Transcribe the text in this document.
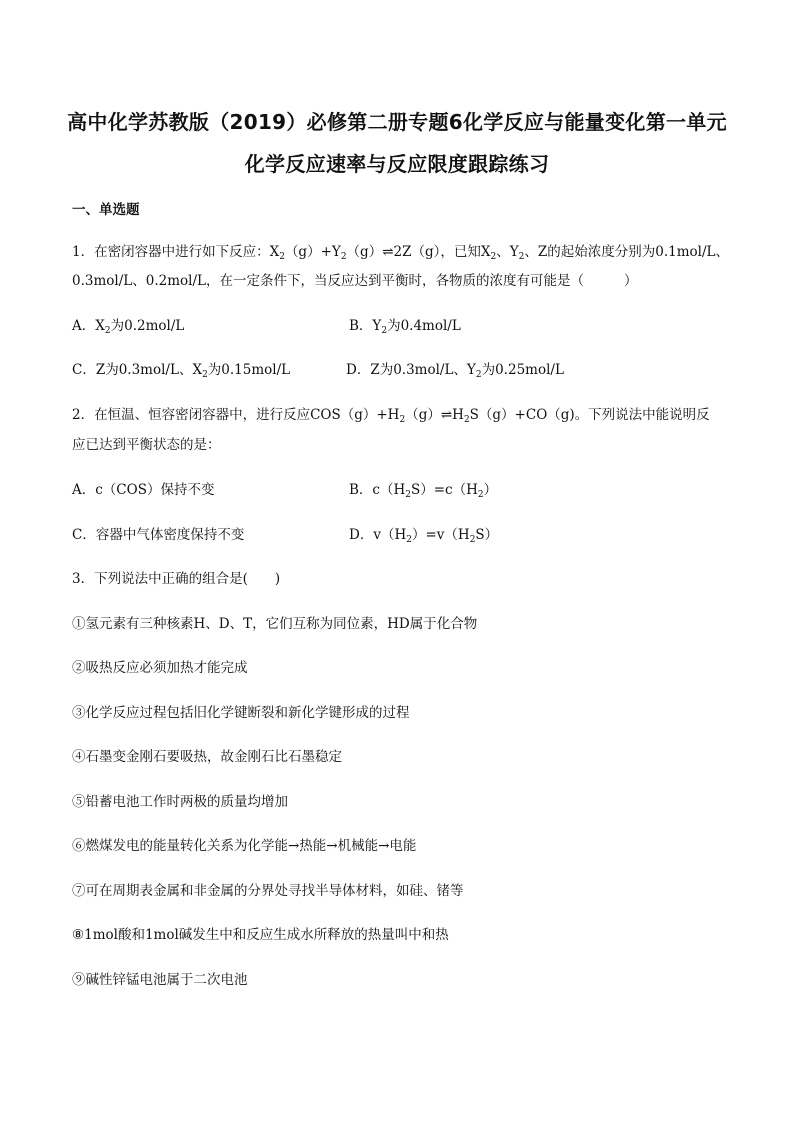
高中化学苏教版（2019）必修第二册专题6化学反应与能量变化第一单元
化学反应速率与反应限度跟踪练习
一、单选题
1．在密闭容器中进行如下反应：$X_2(g)+Y_2(g)\rightleftharpoons 2Z(g)$，已知$X_2$、$Y_2$、Z的起始浓度分别为0.1mol/L、
0.3mol/L、0.2mol/L，在一定条件下，当反应达到平衡时，各物质的浓度有可能是（	）
A．$X_2$为0.2mol/L	B．$Y_2$为0.4mol/L
C．Z为0.3mol/L、$X_2$为0.15mol/L	D．Z为0.3mol/L、$Y_2$为0.25mol/L
2．在恒温、恒容密闭容器中，进行反应$COS(g)+H_2(g)\rightleftharpoons H_2S(g)+CO(g)$。下列说法中能说明反
应已达到平衡状态的是：
A．c（COS）保持不变	B．$c(H_2S)=c(H_2)$
C．容器中气体密度保持不变	D．$v(H_2)=v(H_2S)$
3．下列说法中正确的组合是(　　)
①氢元素有三种核素H、D、T，它们互称为同位素，HD属于化合物
②吸热反应必须加热才能完成
③化学反应过程包括旧化学键断裂和新化学键形成的过程
④石墨变金刚石要吸热，故金刚石比石墨稳定
⑤铅蓄电池工作时两极的质量均增加
⑥燃煤发电的能量转化关系为化学能→热能→机械能→电能
⑦可在周期表金属和非金属的分界处寻找半导体材料，如硅、锗等
⑧1mol酸和1mol碱发生中和反应生成水所释放的热量叫中和热
⑨碱性锌锰电池属于二次电池
